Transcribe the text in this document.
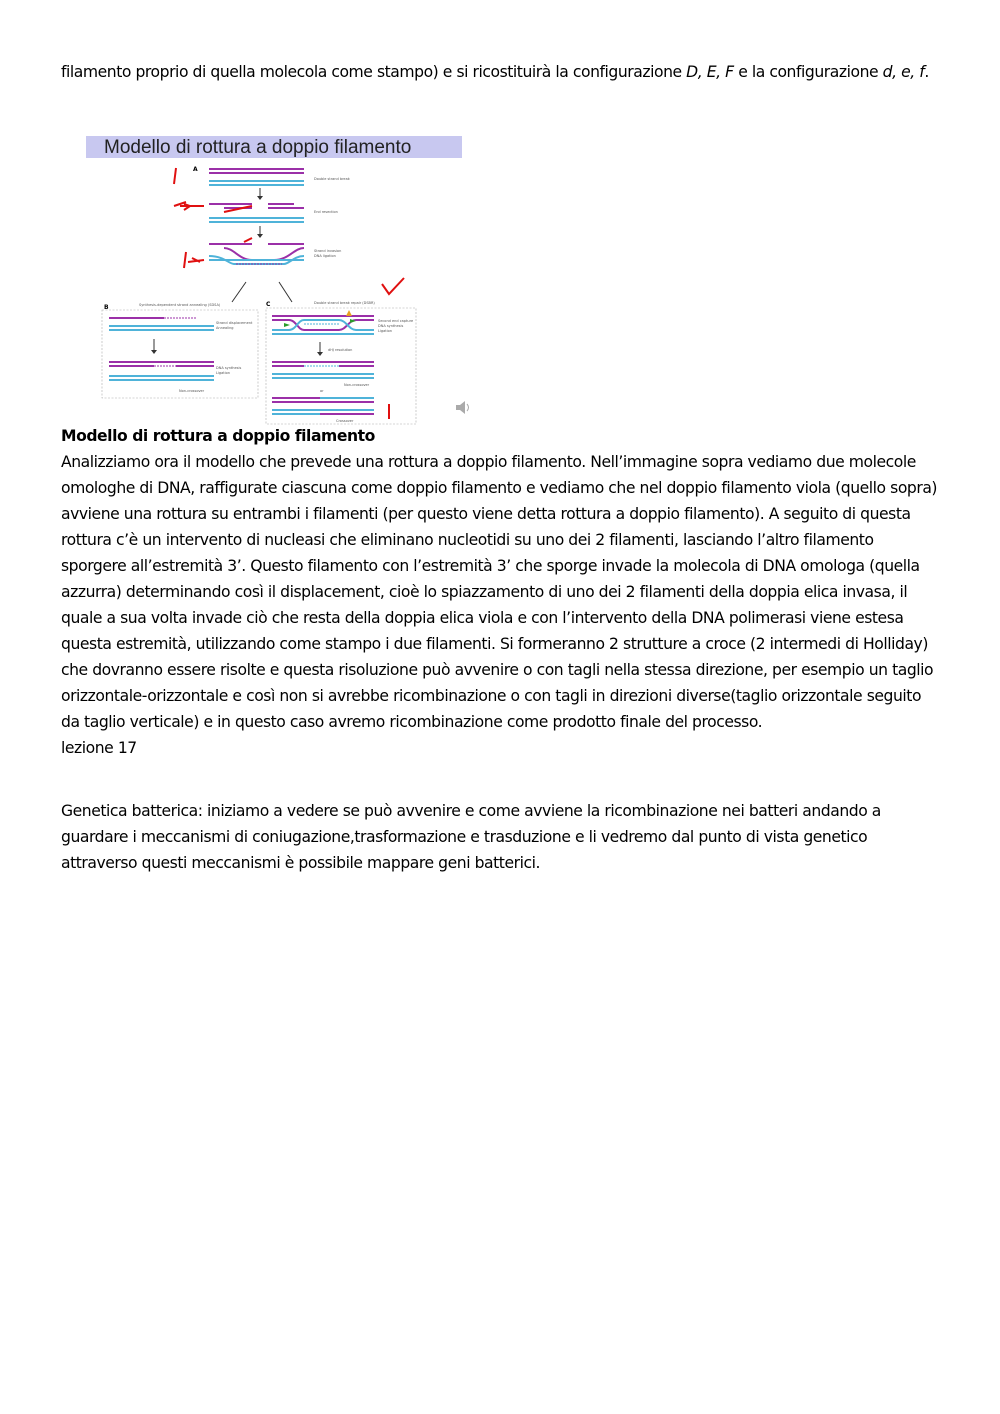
filamento proprio di quella molecola come stampo) e si ricostituirà la configurazione D, E, F e la configurazione d, e, f.
Modello di rottura a doppio filamento
A
Double strand break
End resection
Strand invasion
DNA ligation
B	Synthesis-dependent strand annealing (SDSA)
Strand displacement
Annealing
DNA synthesis
Ligation
Non-crossover
C	Double strand break repair (DSBR)
Second end capture
DNA synthesis
Ligation
dHJ resolution
Non-crossover
or
Crossover
Modello di rottura a doppio filamento

Analizziamo ora il modello che prevede una rottura a doppio filamento. Nell’immagine sopra vediamo due molecole omologhe di DNA, raffigurate ciascuna come doppio filamento e vediamo che nel doppio filamento viola (quello sopra) avviene una rottura su entrambi i filamenti (per questo viene detta rottura a doppio filamento). A seguito di questa rottura c’è un intervento di nucleasi che eliminano nucleotidi su uno dei 2 filamenti, lasciando l’altro filamento sporgere all’estremità 3’. Questo filamento con l’estremità 3’ che sporge invade la molecola di DNA omologa (quella azzurra) determinando così il displacement, cioè lo spiazzamento di uno dei 2 filamenti della doppia elica invasa, il quale a sua volta invade ciò che resta della doppia elica viola e con l’intervento della DNA polimerasi viene estesa questa estremità, utilizzando come stampo i due filamenti. Si formeranno 2 strutture a croce (2 intermedi di Holliday) che dovranno essere risolte e questa risoluzione può avvenire o con tagli nella stessa direzione, per esempio un taglio orizzontale-orizzontale e così non si avrebbe ricombinazione o con tagli in direzioni diverse(taglio orizzontale seguito da taglio verticale) e in questo caso avremo ricombinazione come prodotto finale del processo.

lezione 17

Genetica batterica: iniziamo a vedere se può avvenire e come avviene la ricombinazione nei batteri andando a guardare i meccanismi di coniugazione,trasformazione e trasduzione e li vedremo dal punto di vista genetico attraverso questi meccanismi è possibile mappare geni batterici.
